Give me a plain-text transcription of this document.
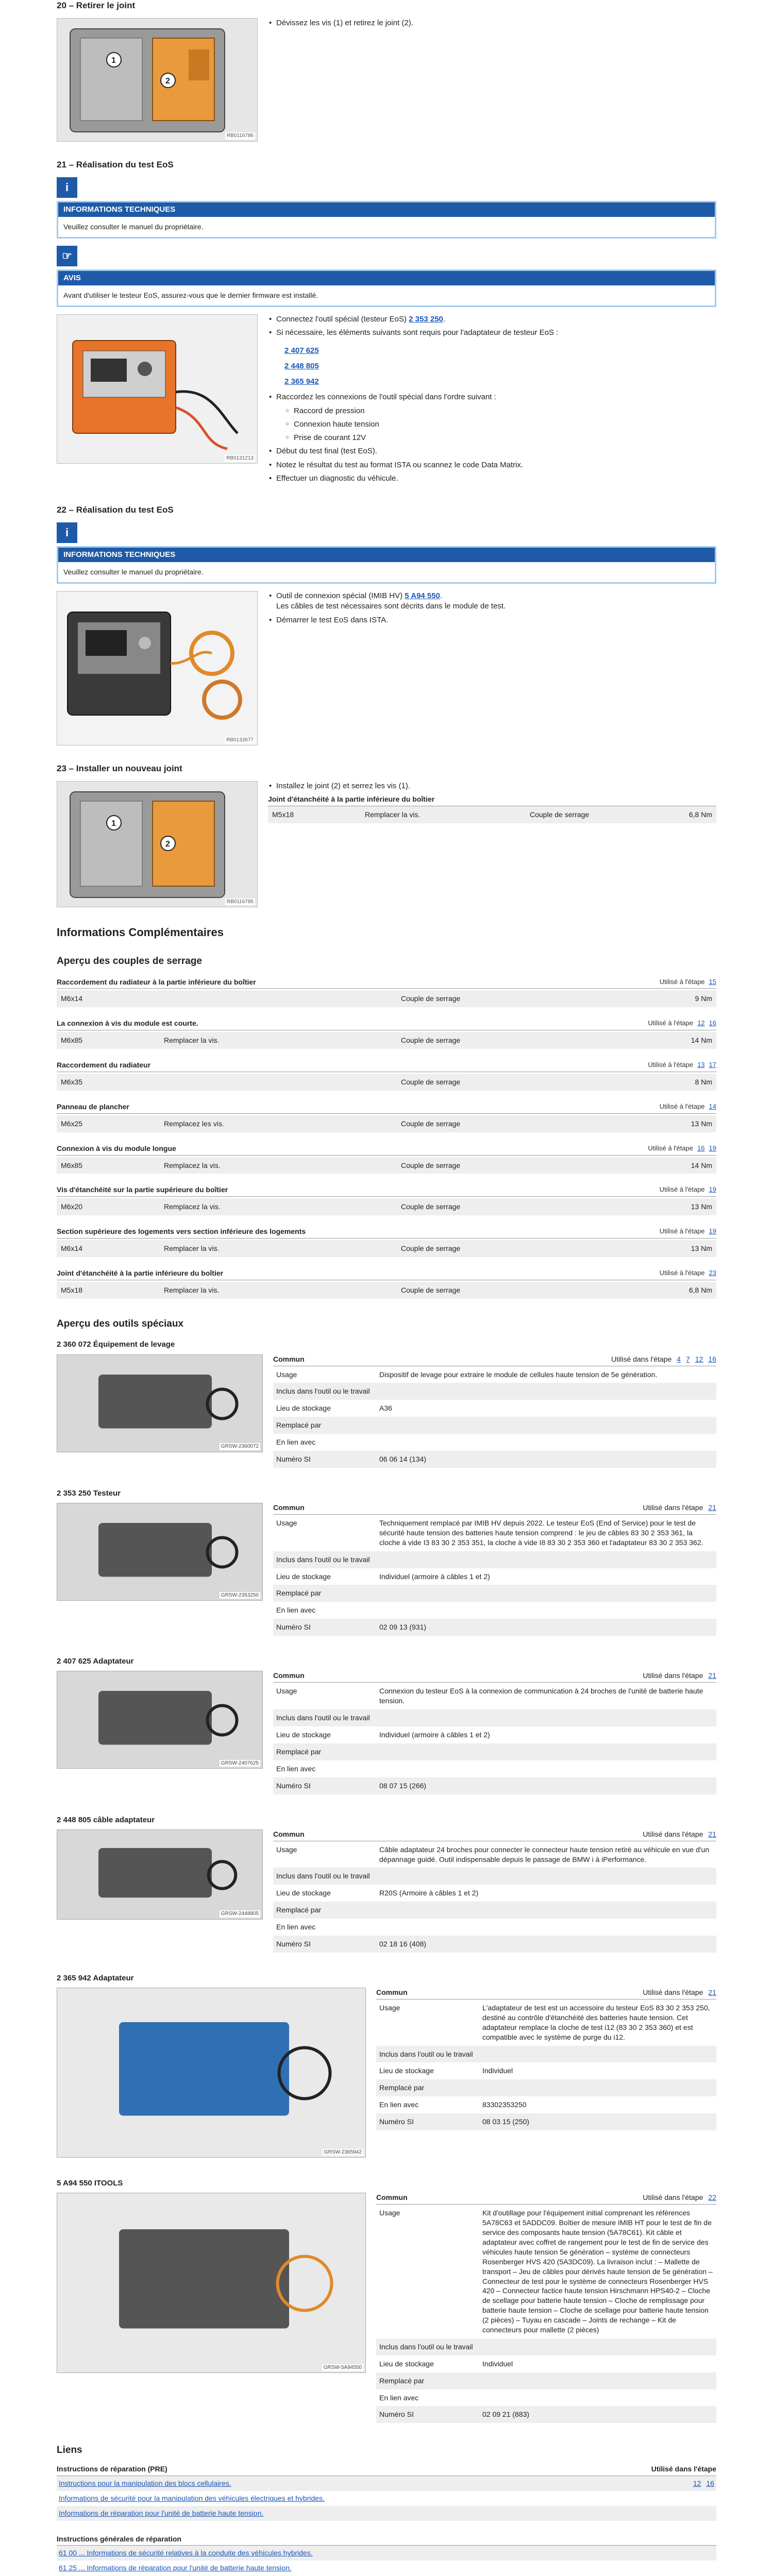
20 – Retirer le joint
1
2
RB0116786
• Dévissez les vis (1) et retirez le joint (2).
21 – Réalisation du test EoS
i
INFORMATIONS TECHNIQUES
Veuillez consulter le manuel du propriétaire.
☞
AVIS
Avant d'utiliser le testeur EoS, assurez-vous que le dernier firmware est installé.
RB0131213
• Connectez l'outil spécial (testeur EoS) 2 353 250.
• Si nécessaire, les éléments suivants sont requis pour l'adaptateur de testeur EoS :
2 407 625
2 448 805
2 365 942
• Raccordez les connexions de l'outil spécial dans l'ordre suivant :
○ Raccord de pression
○ Connexion haute tension
○ Prise de courant 12V
• Début du test final (test EoS).
• Notez le résultat du test au format ISTA ou scannez le code Data Matrix.
• Effectuer un diagnostic du véhicule.
22 – Réalisation du test EoS
i
INFORMATIONS TECHNIQUES
Veuillez consulter le manuel du propriétaire.
RB0132677
• Outil de connexion spécial (IMIB HV) 5 A94 550.
Les câbles de test nécessaires sont décrits dans le module de test.
• Démarrer le test EoS dans ISTA.
23 – Installer un nouveau joint
1
2
RB0116785
• Installez le joint (2) et serrez les vis (1).
Joint d'étanchéité à la partie inférieure du boîtier
M5x18	Remplacer la vis.	Couple de serrage	6,8 Nm
Informations Complémentaires
Aperçu des couples de serrage
Raccordement du radiateur à la partie inférieure du boîtier	Utilisé à l'étape 15
M6x14		Couple de serrage	9 Nm
La connexion à vis du module est courte.	Utilisé à l'étape 12 16
M6x85	Remplacer la vis.	Couple de serrage	14 Nm
Raccordement du radiateur	Utilisé à l'étape 13 17
M6x35		Couple de serrage	8 Nm
Panneau de plancher	Utilisé à l'étape 14
M6x25	Remplacez les vis.	Couple de serrage	13 Nm
Connexion à vis du module longue	Utilisé à l'étape 16 19
M6x85	Remplacez la vis.	Couple de serrage	14 Nm
Vis d'étanchéité sur la partie supérieure du boîtier	Utilisé à l'étape 19
M6x20	Remplacez la vis.	Couple de serrage	13 Nm
Section supérieure des logements vers section inférieure des logements	Utilisé à l'étape 19
M6x14	Remplacer la vis.	Couple de serrage	13 Nm
Joint d'étanchéité à la partie inférieure du boîtier	Utilisé à l'étape 23
M5x18	Remplacer la vis.	Couple de serrage	6,8 Nm
Aperçu des outils spéciaux
2 360 072 Équipement de levage
GRSW-2360072
Commun	Utilisé dans l'étape 4 7 12 16
Usage	Dispositif de levage pour extraire le module de cellules haute tension de 5e génération.
Inclus dans l'outil ou le travail
Lieu de stockage	A36
Remplacé par
En lien avec
Numéro SI	06 06 14 (134)
2 353 250 Testeur
GRSW-2353250
Commun	Utilisé dans l'étape 21
Usage	Techniquement remplacé par IMIB HV depuis 2022. Le testeur EoS (End of Service) pour le test de sécurité haute tension des batteries haute tension comprend : le jeu de câbles 83 30 2 353 361, la cloche à vide I3 83 30 2 353 351, la cloche à vide I8 83 30 2 353 360 et l'adaptateur 83 30 2 353 362.
Inclus dans l'outil ou le travail
Lieu de stockage	Individuel (armoire à câbles 1 et 2)
Remplacé par
En lien avec
Numéro SI	02 09 13 (931)
2 407 625 Adaptateur
GRSW-2407625
Commun	Utilisé dans l'étape 21
Usage	Connexion du testeur EoS à la connexion de communication à 24 broches de l'unité de batterie haute tension.
Inclus dans l'outil ou le travail
Lieu de stockage	Individuel (armoire à câbles 1 et 2)
Remplacé par
En lien avec
Numéro SI	08 07 15 (266)
2 448 805 câble adaptateur
GRSW-2448805
Commun	Utilisé dans l'étape 21
Usage	Câble adaptateur 24 broches pour connecter le connecteur haute tension retiré au véhicule en vue d'un dépannage guidé. Outil indispensable depuis le passage de BMW i à iPerformance.
Inclus dans l'outil ou le travail
Lieu de stockage	R20S (Armoire à câbles 1 et 2)
Remplacé par
En lien avec
Numéro SI	02 18 16 (408)
2 365 942 Adaptateur
GRSW-2365942
Commun	Utilisé dans l'étape 21
Usage	L'adaptateur de test est un accessoire du testeur EoS 83 30 2 353 250, destiné au contrôle d'étanchéité des batteries haute tension. Cet adaptateur remplace la cloche de test i12 (83 30 2 353 360) et est compatible avec le système de purge du i12.
Inclus dans l'outil ou le travail
Lieu de stockage	Individuel
Remplacé par
En lien avec	83302353250
Numéro SI	08 03 15 (250)
5 A94 550 ITOOLS
GRSW-5A94550
Commun	Utilisé dans l'étape 22
Usage	Kit d'outillage pour l'équipement initial comprenant les références 5A78C63 et 5ADDC09. Boîtier de mesure IMIB HT pour le test de fin de service des composants haute tension (5A78C61). Kit câble et adaptateur avec coffret de rangement pour le test de fin de service des véhicules haute tension 5e génération – système de connecteurs Rosenberger HVS 420 (5A3DC09). La livraison inclut : – Mallette de transport – Jeu de câbles pour dérivés haute tension de 5e génération – Connecteur de test pour le système de connecteurs Rosenberger HVS 420 – Connecteur factice haute tension Hirschmann HPS40-2 – Cloche de scellage pour batterie haute tension – Cloche de remplissage pour batterie haute tension – Cloche de scellage pour batterie haute tension (2 pièces) – Tuyau en cascade – Joints de rechange – Kit de connecteurs pour mallette (2 pièces)
Inclus dans l'outil ou le travail
Lieu de stockage	Individuel
Remplacé par
En lien avec
Numéro SI	02 09 21 (883)
Liens
Instructions de réparation (PRE)	Utilisé dans l'étape
Instructions pour la manipulation des blocs cellulaires.	12 16
Informations de sécurité pour la manipulation des véhicules électriques et hybrides.
Informations de réparation pour l'unité de batterie haute tension.
Instructions générales de réparation
61 00 ... Informations de sécurité relatives à la conduite des véhicules hybrides.
61 25 ... Informations de réparation pour l'unité de batterie haute tension.
